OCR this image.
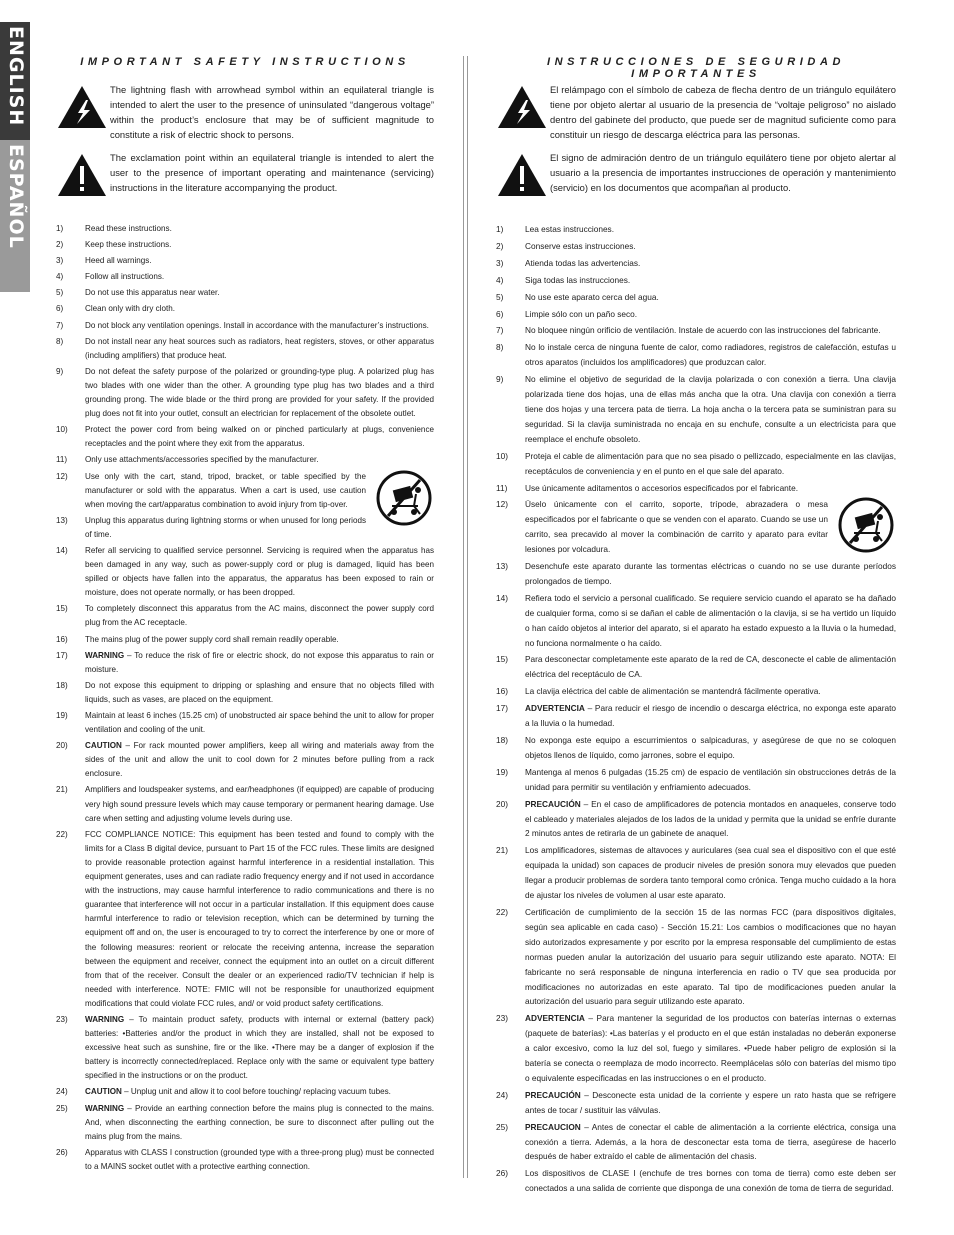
ENGLISH
ESPAÑOL
IMPORTANT SAFETY INSTRUCTIONS
The lightning flash with arrowhead symbol within an equilateral triangle is intended to alert the user to the presence of uninsulated “dangerous voltage” within the product’s enclosure that may be of sufficient magnitude to constitute a risk of electric shock to persons.
The exclamation point within an equilateral triangle is intended to alert the user to the presence of important operating and maintenance (servicing) instructions in the literature accompanying the product.
1)	Read these instructions.
2)	Keep these instructions.
3)	Heed all warnings.
4)	Follow all instructions.
5)	Do not use this apparatus near water.
6)	Clean only with dry cloth.
7)	Do not block any ventilation openings. Install in accordance with the manufacturer’s instructions.
8)	Do not install near any heat sources such as radiators, heat registers, stoves, or other apparatus (including amplifiers) that produce heat.
9)	Do not defeat the safety purpose of the polarized or grounding-type plug. A polarized plug has two blades with one wider than the other. A grounding type plug has two blades and a third grounding prong. The wide blade or the third prong are provided for your safety. If the provided plug does not fit into your outlet, consult an electrician for replacement of the obsolete outlet.
10) Protect the power cord from being walked on or pinched particularly at plugs, convenience receptacles and the point where they exit from the apparatus.
11) Only use attachments/accessories specified by the manufacturer.
12) Use only with the cart, stand, tripod, bracket, or table specified by the manufacturer or sold with the apparatus. When a cart is used, use caution when moving the cart/apparatus combination to avoid injury from tip-over.
13) Unplug this apparatus during lightning storms or when unused for long periods of time.
14) Refer all servicing to qualified service personnel. Servicing is required when the apparatus has been damaged in any way, such as power-supply cord or plug is damaged, liquid has been spilled or objects have fallen into the apparatus, the apparatus has been exposed to rain or moisture, does not operate normally, or has been dropped.
15) To completely disconnect this apparatus from the AC mains, disconnect the power supply cord plug from the AC receptacle.
16) The mains plug of the power supply cord shall remain readily operable.
17) WARNING – To reduce the risk of fire or electric shock, do not expose this apparatus to rain or moisture.
18) Do not expose this equipment to dripping or splashing and ensure that no objects filled with liquids, such as vases, are placed on the equipment.
19) Maintain at least 6 inches (15.25 cm) of unobstructed air space behind the unit to allow for proper ventilation and cooling of the unit.
20) CAUTION – For rack mounted power amplifiers, keep all wiring and materials away from the sides of the unit and allow the unit to cool down for 2 minutes before pulling from a rack enclosure.
21) Amplifiers and loudspeaker systems, and ear/headphones (if equipped) are capable of producing very high sound pressure levels which may cause temporary or permanent hearing damage. Use care when setting and adjusting volume levels during use.
22) FCC COMPLIANCE NOTICE: This equipment has been tested and found to comply with the limits for a Class B digital device, pursuant to Part 15 of the FCC rules. These limits are designed to provide reasonable protection against harmful interference in a residential installation. This equipment generates, uses and can radiate radio frequency energy and if not used in accordance with the instructions, may cause harmful interference to radio communications and there is no guarantee that interference will not occur in a particular installation. If this equipment does cause harmful interference to radio or television reception, which can be determined by turning the equipment off and on, the user is encouraged to try to correct the interference by one or more of the following measures: reorient or relocate the receiving antenna, increase the separation between the equipment and receiver, connect the equipment into an outlet on a circuit different from that of the receiver. Consult the dealer or an experienced radio/TV technician if help is needed with interference. NOTE: FMIC will not be responsible for unauthorized equipment modifications that could violate FCC rules, and/ or void product safety certifications.
23) WARNING – To maintain product safety, products with internal or external (battery pack) batteries: •Batteries and/or the product in which they are installed, shall not be exposed to excessive heat such as sunshine, fire or the like. •There may be a danger of explosion if the battery is incorrectly connected/replaced. Replace only with the same or equivalent type battery specified in the instructions or on the product.
24) CAUTION – Unplug unit and allow it to cool before touching/ replacing vacuum tubes.
25) WARNING – Provide an earthing connection before the mains plug is connected to the mains. And, when disconnecting the earthing connection, be sure to disconnect after pulling out the mains plug from the mains.
26) Apparatus with CLASS I construction (grounded type with a three-prong plug) must be connected to a MAINS socket outlet with a protective earthing connection.
INSTRUCCIONES DE SEGURIDAD IMPORTANTES
El relámpago con el símbolo de cabeza de flecha dentro de un triángulo equilátero tiene por objeto alertar al usuario de la presencia de “voltaje peligroso” no aislado dentro del gabinete del producto, que puede ser de magnitud suficiente como para constituir un riesgo de descarga eléctrica para las personas.
El signo de admiración dentro de un triángulo equilátero tiene por objeto alertar al usuario a la presencia de importantes instrucciones de operación y mantenimiento (servicio) en los documentos que acompañan al producto.
1)	Lea estas instrucciones.
2)	Conserve estas instrucciones.
3)	Atienda todas las advertencias.
4)	Siga todas las instrucciones.
5)	No use este aparato cerca del agua.
6)	Limpie sólo con un paño seco.
7)	No bloquee ningún orificio de ventilación. Instale de acuerdo con las instrucciones del fabricante.
8)	No lo instale cerca de ninguna fuente de calor, como radiadores, registros de calefacción, estufas u otros aparatos (incluidos los amplificadores) que produzcan calor.
9)	No elimine el objetivo de seguridad de la clavija polarizada o con conexión a tierra. Una clavija polarizada tiene dos hojas, una de ellas más ancha que la otra. Una clavija con conexión a tierra tiene dos hojas y una tercera pata de tierra. La hoja ancha o la tercera pata se suministran para su seguridad. Si la clavija suministrada no encaja en su enchufe, consulte a un electricista para que reemplace el enchufe obsoleto.
10) Proteja el cable de alimentación para que no sea pisado o pellizcado, especialmente en las clavijas, receptáculos de conveniencia y en el punto en el que sale del aparato.
11) Use únicamente aditamentos o accesorios especificados por el fabricante.
12) Üselo únicamente con el carrito, soporte, trípode, abrazadera o mesa especificados por el fabricante o que se venden con el aparato. Cuando se use un carrito, sea precavido al mover la combinación de carrito y aparato para evitar lesiones por volcadura.
13) Desenchufe este aparato durante las tormentas eléctricas o cuando no se use durante períodos prolongados de tiempo.
14) Refiera todo el servicio a personal cualificado. Se requiere servicio cuando el aparato se ha dañado de cualquier forma, como si se dañan el cable de alimentación o la clavija, si se ha vertido un líquido o han caído objetos al interior del aparato, si el aparato ha estado expuesto a la lluvia o la humedad, no funciona normalmente o ha caído.
15) Para desconectar completamente este aparato de la red de CA, desconecte el cable de alimentación eléctrica del receptáculo de CA.
16) La clavija eléctrica del cable de alimentación se mantendrá fácilmente operativa.
17) ADVERTENCIA – Para reducir el riesgo de incendio o descarga eléctrica, no exponga este aparato a la lluvia o la humedad.
18) No exponga este equipo a escurrimientos o salpicaduras, y asegúrese de que no se coloquen objetos llenos de líquido, como jarrones, sobre el equipo.
19) Mantenga al menos 6 pulgadas (15.25 cm) de espacio de ventilación sin obstrucciones detrás de la unidad para permitir su ventilación y enfriamiento adecuados.
20) PRECAUCIÓN – En el caso de amplificadores de potencia montados en anaqueles, conserve todo el cableado y materiales alejados de los lados de la unidad y permita que la unidad se enfríe durante 2 minutos antes de retirarla de un gabinete de anaquel.
21) Los amplificadores, sistemas de altavoces y auriculares (sea cual sea el dispositivo con el que esté equipada la unidad) son capaces de producir niveles de presión sonora muy elevados que pueden llegar a producir problemas de sordera tanto temporal como crónica. Tenga mucho cuidado a la hora de ajustar los niveles de volumen al usar este aparato.
22) Certificación de cumplimiento de la sección 15 de las normas FCC (para dispositivos digitales, según sea aplicable en cada caso) - Sección 15.21: Los cambios o modificaciones que no hayan sido autorizados expresamente y por escrito por la empresa responsable del cumplimiento de estas normas pueden anular la autorización del usuario para seguir utilizando este aparato. NOTA: El fabricante no será responsable de ninguna interferencia en radio o TV que sea producida por modificaciones no autorizadas en este aparato. Tal tipo de modificaciones pueden anular la autorización del usuario para seguir utilizando este aparato.
23) ADVERTENCIA – Para mantener la seguridad de los productos con baterías internas o externas (paquete de baterías): •Las baterías y el producto en el que están instaladas no deberán exponerse a calor excesivo, como la luz del sol, fuego y similares. •Puede haber peligro de explosión si la batería se conecta o reemplaza de modo incorrecto. Reemplácelas sólo con baterías del mismo tipo o equivalente especificadas en las instrucciones o en el producto.
24) PRECAUCIÓN – Desconecte esta unidad de la corriente y espere un rato hasta que se refrigere antes de tocar / sustituir las válvulas.
25) PRECAUCION – Antes de conectar el cable de alimentación a la corriente eléctrica, consiga una conexión a tierra. Además, a la hora de desconectar esta toma de tierra, asegúrese de hacerlo después de haber extraído el cable de alimentación del chasis.
26) Los dispositivos de CLASE I (enchufe de tres bornes con toma de tierra) como este deben ser conectados a una salida de corriente que disponga de una conexión de toma de tierra de seguridad.
